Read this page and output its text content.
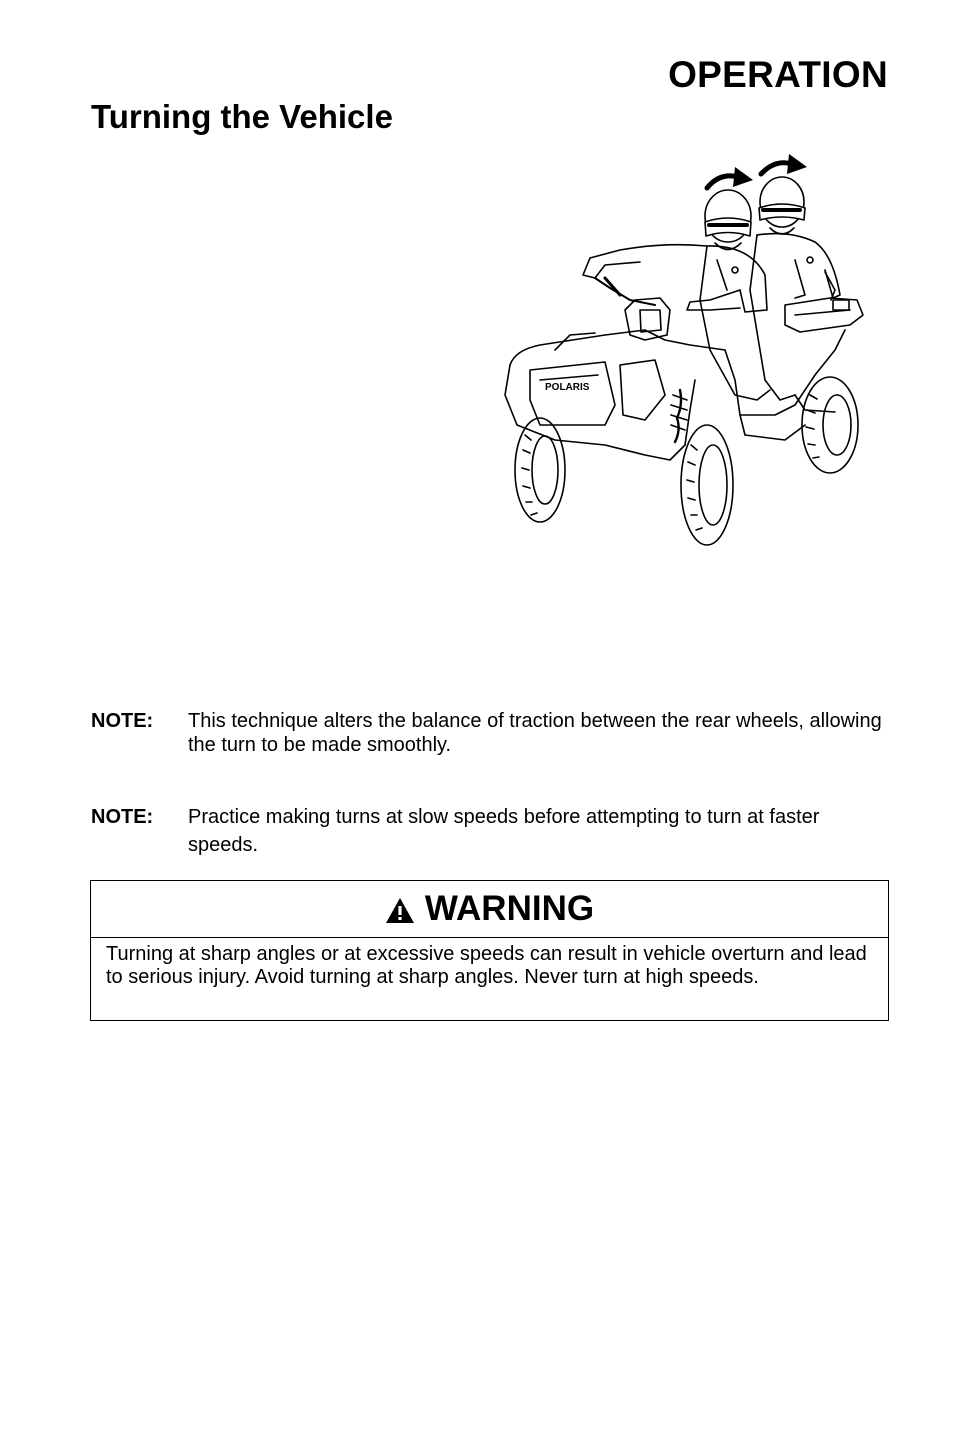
OPERATION
Turning the Vehicle
POLARIS
NOTE: This technique alters the balance of traction between the rear wheels, allowing the turn to be made smoothly.
NOTE: Practice making turns at slow speeds before attempting to turn at faster speeds.
WARNING
Turning at sharp angles or at excessive speeds can result in vehicle overturn and lead to serious injury. Avoid turning at sharp angles. Never turn at high speeds.
